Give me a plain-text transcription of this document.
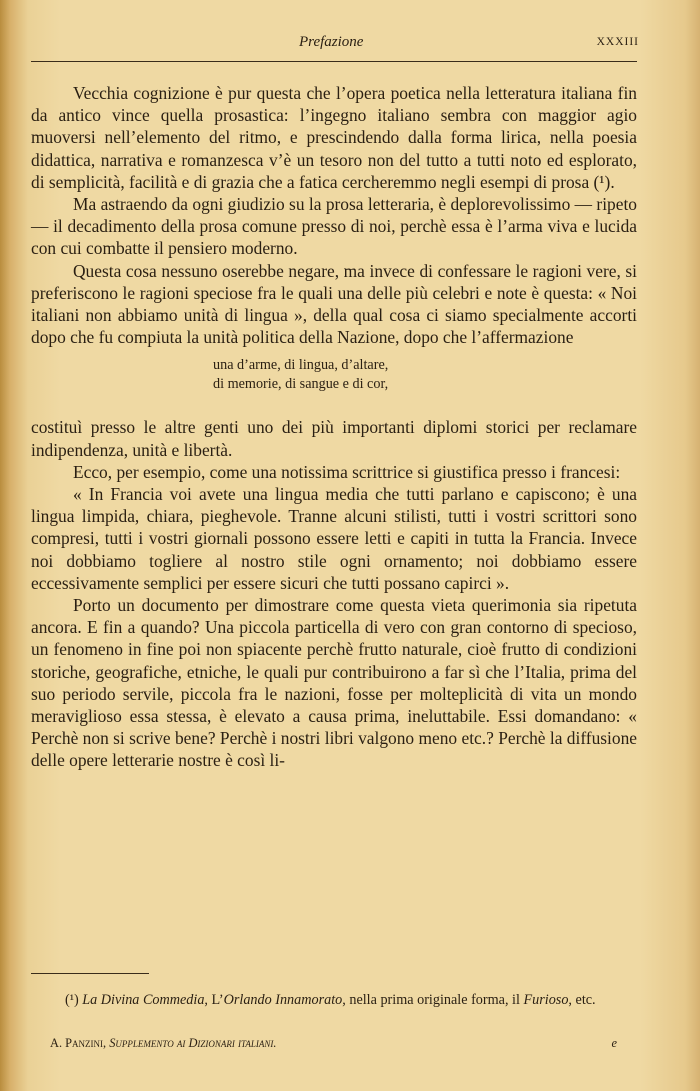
Prefazione	XXXIII

Vecchia cognizione è pur questa che l’opera poetica nella letteratura italiana fin da antico vince quella prosastica: l’ingegno italiano sembra con maggior agio muoversi nell’elemento del ritmo, e prescindendo dalla forma lirica, nella poesia didattica, narrativa e romanzesca v’è un tesoro non del tutto a tutti noto ed esplorato, di semplicità, facilità e di grazia che a fatica cercheremmo negli esempi di prosa (¹).

Ma astraendo da ogni giudizio su la prosa letteraria, è deplorevolissimo — ripeto — il decadimento della prosa comune presso di noi, perchè essa è l’arma viva e lucida con cui combatte il pensiero moderno.

Questa cosa nessuno oserebbe negare, ma invece di confessare le ragioni vere, si preferiscono le ragioni speciose fra le quali una delle più celebri e note è questa: « Noi italiani non abbiamo unità di lingua », della qual cosa ci siamo specialmente accorti dopo che fu compiuta la unità politica della Nazione, dopo che l’affermazione

una d’arme, di lingua, d’altare,
di memorie, di sangue e di cor,

costituì presso le altre genti uno dei più importanti diplomi storici per reclamare indipendenza, unità e libertà.

Ecco, per esempio, come una notissima scrittrice si giustifica presso i francesi:

« In Francia voi avete una lingua media che tutti parlano e capiscono; è una lingua limpida, chiara, pieghevole. Tranne alcuni stilisti, tutti i vostri scrittori sono compresi, tutti i vostri giornali possono essere letti e capiti in tutta la Francia. Invece noi dobbiamo togliere al nostro stile ogni ornamento; noi dobbiamo essere eccessivamente semplici per essere sicuri che tutti possano capirci ».

Porto un documento per dimostrare come questa vieta querimonia sia ripetuta ancora. E fin a quando? Una piccola particella di vero con gran contorno di specioso, un fenomeno in fine poi non spiacente perchè frutto naturale, cioè frutto di condizioni storiche, geografiche, etniche, le quali pur contribuirono a far sì che l’Italia, prima del suo periodo servile, piccola fra le nazioni, fosse per molteplicità di vita un mondo meraviglioso essa stessa, è elevato a causa prima, ineluttabile. Essi domandano: « Perchè non si scrive bene? Perchè i nostri libri valgono meno etc.? Perchè la diffusione delle opere letterarie nostre è così li-

(¹) La Divina Commedia, L’Orlando Innamorato, nella prima originale forma, il Furioso, etc.
A. Panzini, Supplemento ai Dizionari italiani.	e
